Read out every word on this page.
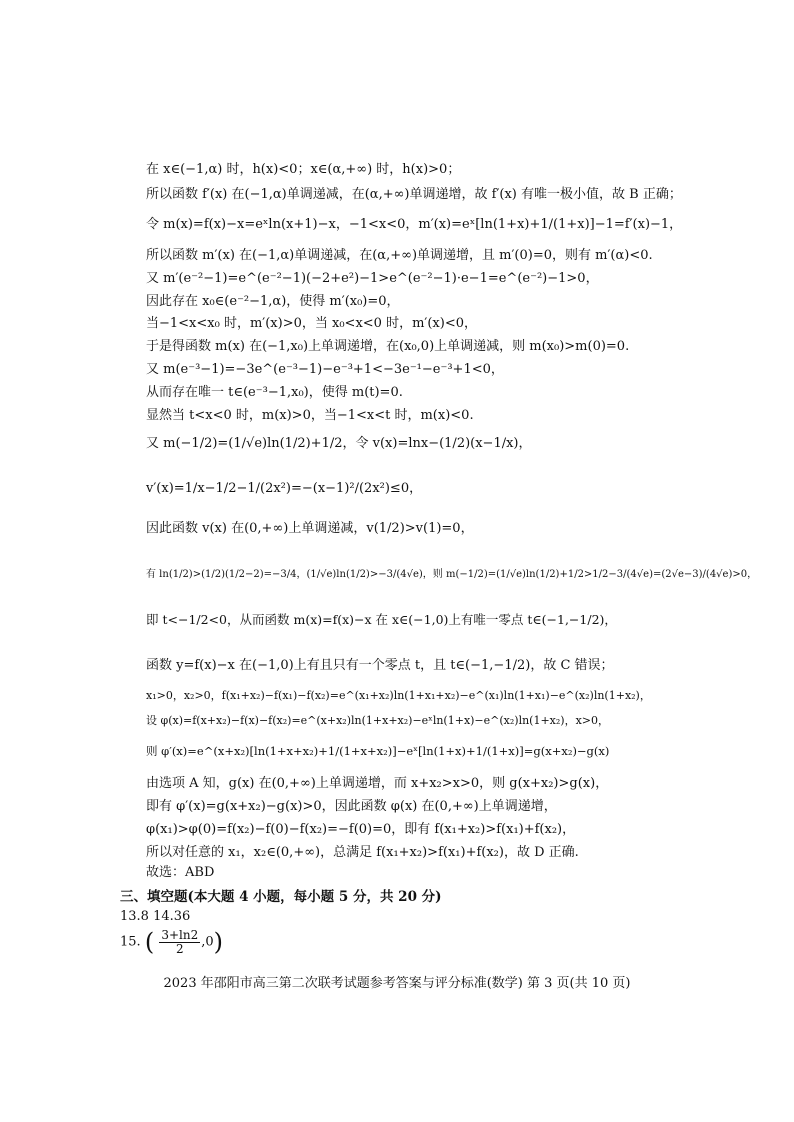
在 x∈(−1,α) 时，h(x)<0；x∈(α,+∞) 时，h(x)>0；
所以函数 f′(x) 在(−1,α)单调递减，在(α,+∞)单调递增，故 f′(x) 有唯一极小值，故 B 正确；
令 m(x)=f(x)−x=eˣln(x+1)−x，−1<x<0，m′(x)=eˣ[ln(1+x)+1/(1+x)]−1=f′(x)−1，
所以函数 m′(x) 在(−1,α)单调递减，在(α,+∞)单调递增，且 m′(0)=0，则有 m′(α)<0.
又 m′(e⁻²−1)=e^(e⁻²−1)(−2+e²)−1>e^(e⁻²−1)·e−1=e^(e⁻²)−1>0，
因此存在 x₀∈(e⁻²−1,α)，使得 m′(x₀)=0，
当−1<x<x₀ 时，m′(x)>0，当 x₀<x<0 时，m′(x)<0，
于是得函数 m(x) 在(−1,x₀)上单调递增，在(x₀,0)上单调递减，则 m(x₀)>m(0)=0.
又 m(e⁻³−1)=−3e^(e⁻³−1)−e⁻³+1<−3e⁻¹−e⁻³+1<0，
从而存在唯一 t∈(e⁻³−1,x₀)，使得 m(t)=0.
显然当 t<x<0 时，m(x)>0，当−1<x<t 时，m(x)<0.
又 m(−1/2)=(1/√e)ln(1/2)+1/2，令 v(x)=lnx−(1/2)(x−1/x)，
v′(x)=1/x−1/2−1/(2x²)=−(x−1)²/(2x²)≤0，
因此函数 v(x) 在(0,+∞)上单调递减，v(1/2)>v(1)=0，
有 ln(1/2)>(1/2)(1/2−2)=−3/4，(1/√e)ln(1/2)>−3/(4√e)，则 m(−1/2)=(1/√e)ln(1/2)+1/2>1/2−3/(4√e)=(2√e−3)/(4√e)>0，
即 t<−1/2<0，从而函数 m(x)=f(x)−x 在 x∈(−1,0)上有唯一零点 t∈(−1,−1/2)，
函数 y=f(x)−x 在(−1,0)上有且只有一个零点 t，且 t∈(−1,−1/2)，故 C 错误；
x₁>0，x₂>0，f(x₁+x₂)−f(x₁)−f(x₂)=e^(x₁+x₂)ln(1+x₁+x₂)−e^(x₁)ln(1+x₁)−e^(x₂)ln(1+x₂)，
设 φ(x)=f(x+x₂)−f(x)−f(x₂)=e^(x+x₂)ln(1+x+x₂)−eˣln(1+x)−e^(x₂)ln(1+x₂)，x>0，
则 φ′(x)=e^(x+x₂)[ln(1+x+x₂)+1/(1+x+x₂)]−eˣ[ln(1+x)+1/(1+x)]=g(x+x₂)−g(x)
由选项 A 知，g(x) 在(0,+∞)上单调递增，而 x+x₂>x>0，则 g(x+x₂)>g(x)，
即有 φ′(x)=g(x+x₂)−g(x)>0，因此函数 φ(x) 在(0,+∞)上单调递增，
φ(x₁)>φ(0)=f(x₂)−f(0)−f(x₂)=−f(0)=0，即有 f(x₁+x₂)>f(x₁)+f(x₂)，
所以对任意的 x₁，x₂∈(0,+∞)，总满足 f(x₁+x₂)>f(x₁)+f(x₂)，故 D 正确.
故选：ABD
三、填空题(本大题 4 小题，每小题 5 分，共 20 分)
13.8 14.36
15. ( $\frac{3+\ln 2}{2} ,0$)
2023 年邵阳市高三第二次联考试题参考答案与评分标准(数学) 第 3 页(共 10 页)
